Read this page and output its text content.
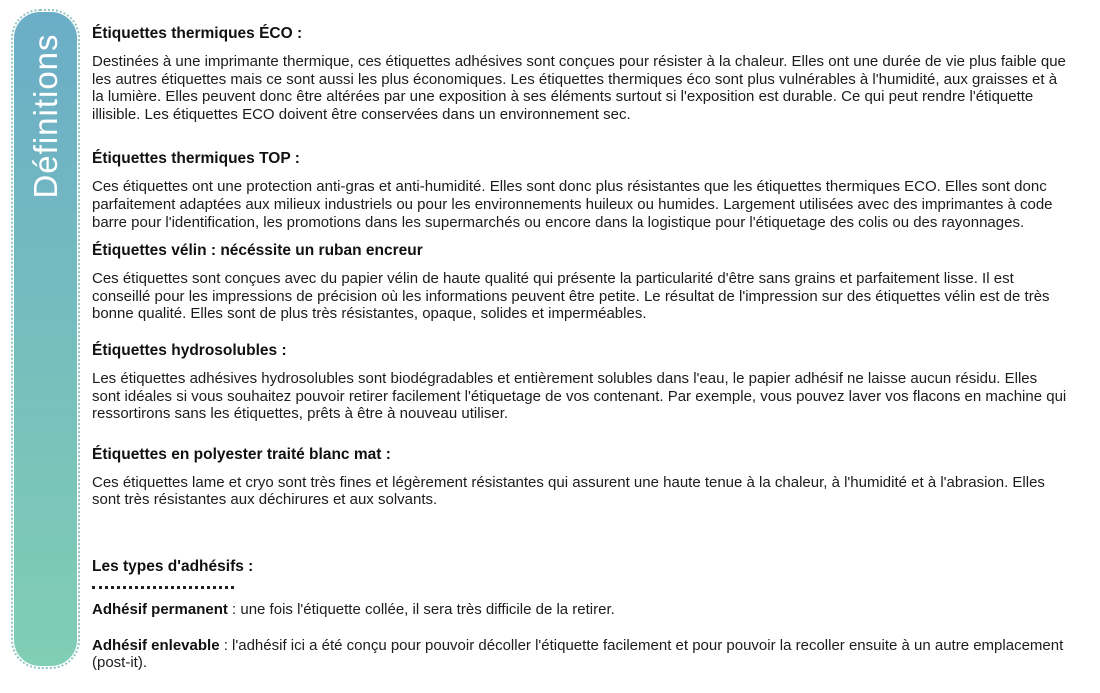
Définitions Étiquettes thermiques ÉCO :

Destinées à une imprimante thermique, ces étiquettes adhésives sont conçues pour résister à la chaleur. Elles ont une durée de vie plus faible que les autres étiquettes mais ce sont aussi les plus économiques. Les étiquettes thermiques éco sont plus vulnérables à l'humidité, aux graisses et à la lumière. Elles peuvent donc être altérées par une exposition à ses éléments surtout si l'exposition est durable. Ce qui peut rendre l'étiquette illisible. Les étiquettes ECO doivent être conservées dans un environnement sec.

Étiquettes thermiques TOP :

Ces étiquettes ont une protection anti-gras et anti-humidité. Elles sont donc plus résistantes que les étiquettes thermiques ECO. Elles sont donc parfaitement adaptées aux milieux industriels ou pour les environnements huileux ou humides. Largement utilisées avec des imprimantes à code barre pour l'identification, les promotions dans les supermarchés ou encore dans la logistique pour l'étiquetage des colis ou des rayonnages.

Étiquettes vélin : nécéssite un ruban encreur

Ces étiquettes sont conçues avec du papier vélin de haute qualité qui présente la particularité d'être sans grains et parfaitement lisse. Il est conseillé pour les impressions de précision où les informations peuvent être petite. Le résultat de l'impression sur des étiquettes vélin est de très bonne qualité. Elles sont de plus très résistantes, opaque, solides et imperméables.

Étiquettes hydrosolubles :

Les étiquettes adhésives hydrosolubles sont biodégradables et entièrement solubles dans l'eau, le papier adhésif ne laisse aucun résidu. Elles sont idéales si vous souhaitez pouvoir retirer facilement l'étiquetage de vos contenant. Par exemple, vous pouvez laver vos flacons en machine qui ressortirons sans les étiquettes, prêts à être à nouveau utiliser.

Étiquettes en polyester traité blanc mat :

Ces étiquettes lame et cryo sont très fines et légèrement résistantes qui assurent une haute tenue à la chaleur, à l'humidité et à l'abrasion. Elles sont très résistantes aux déchirures et aux solvants.

Les types d'adhésifs :

Adhésif permanent : une fois l'étiquette collée, il sera très difficile de la retirer.

Adhésif enlevable : l'adhésif ici a été conçu pour pouvoir décoller l'étiquette facilement et pour pouvoir la recoller ensuite à un autre emplacement (post-it).
